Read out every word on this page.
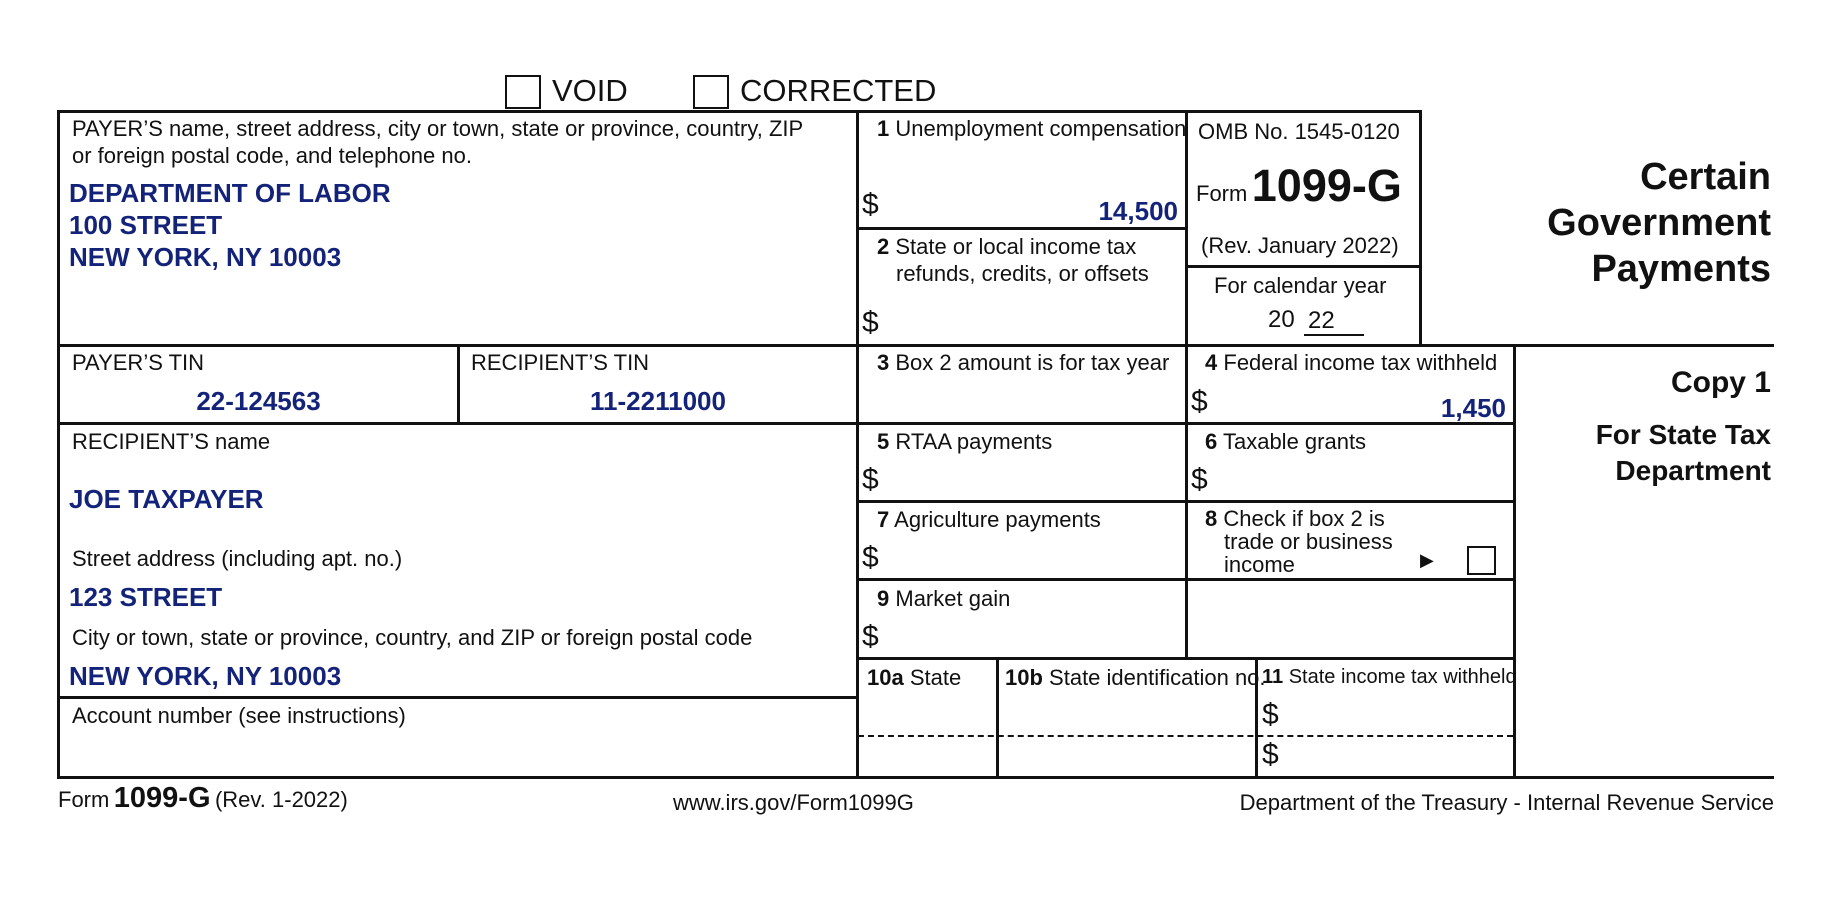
VOID	CORRECTED
PAYER’S name, street address, city or town, state or province, country, ZIP
or foreign postal code, and telephone no.
DEPARTMENT OF LABOR
100 STREET
NEW YORK, NY 10003
PAYER’S TIN
22-124563
RECIPIENT’S TIN
11-2211000
RECIPIENT’S name
JOE TAXPAYER
Street address (including apt. no.)
123 STREET
City or town, state or province, country, and ZIP or foreign postal code
NEW YORK, NY 10003
Account number (see instructions)
1 Unemployment compensation
$	14,500
2 State or local income tax
refunds, credits, or offsets
$
OMB No. 1545-0120
Form 1099-G
(Rev. January 2022)
For calendar year
20 22
Certain
Government
Payments
3 Box 2 amount is for tax year 4 Federal income tax withheld
$	1,450
Copy 1
For State Tax
Department
5 RTAA payments
$
6 Taxable grants
$
7 Agriculture payments
$
8 Check if box 2 is
trade or business
income	▶
9 Market gain
$
10a State 10b State identification no.
11 State income tax withheld
$
$
Form 1099-G (Rev. 1-2022)	www.irs.gov/Form1099G	Department of the Treasury - Internal Revenue Service
